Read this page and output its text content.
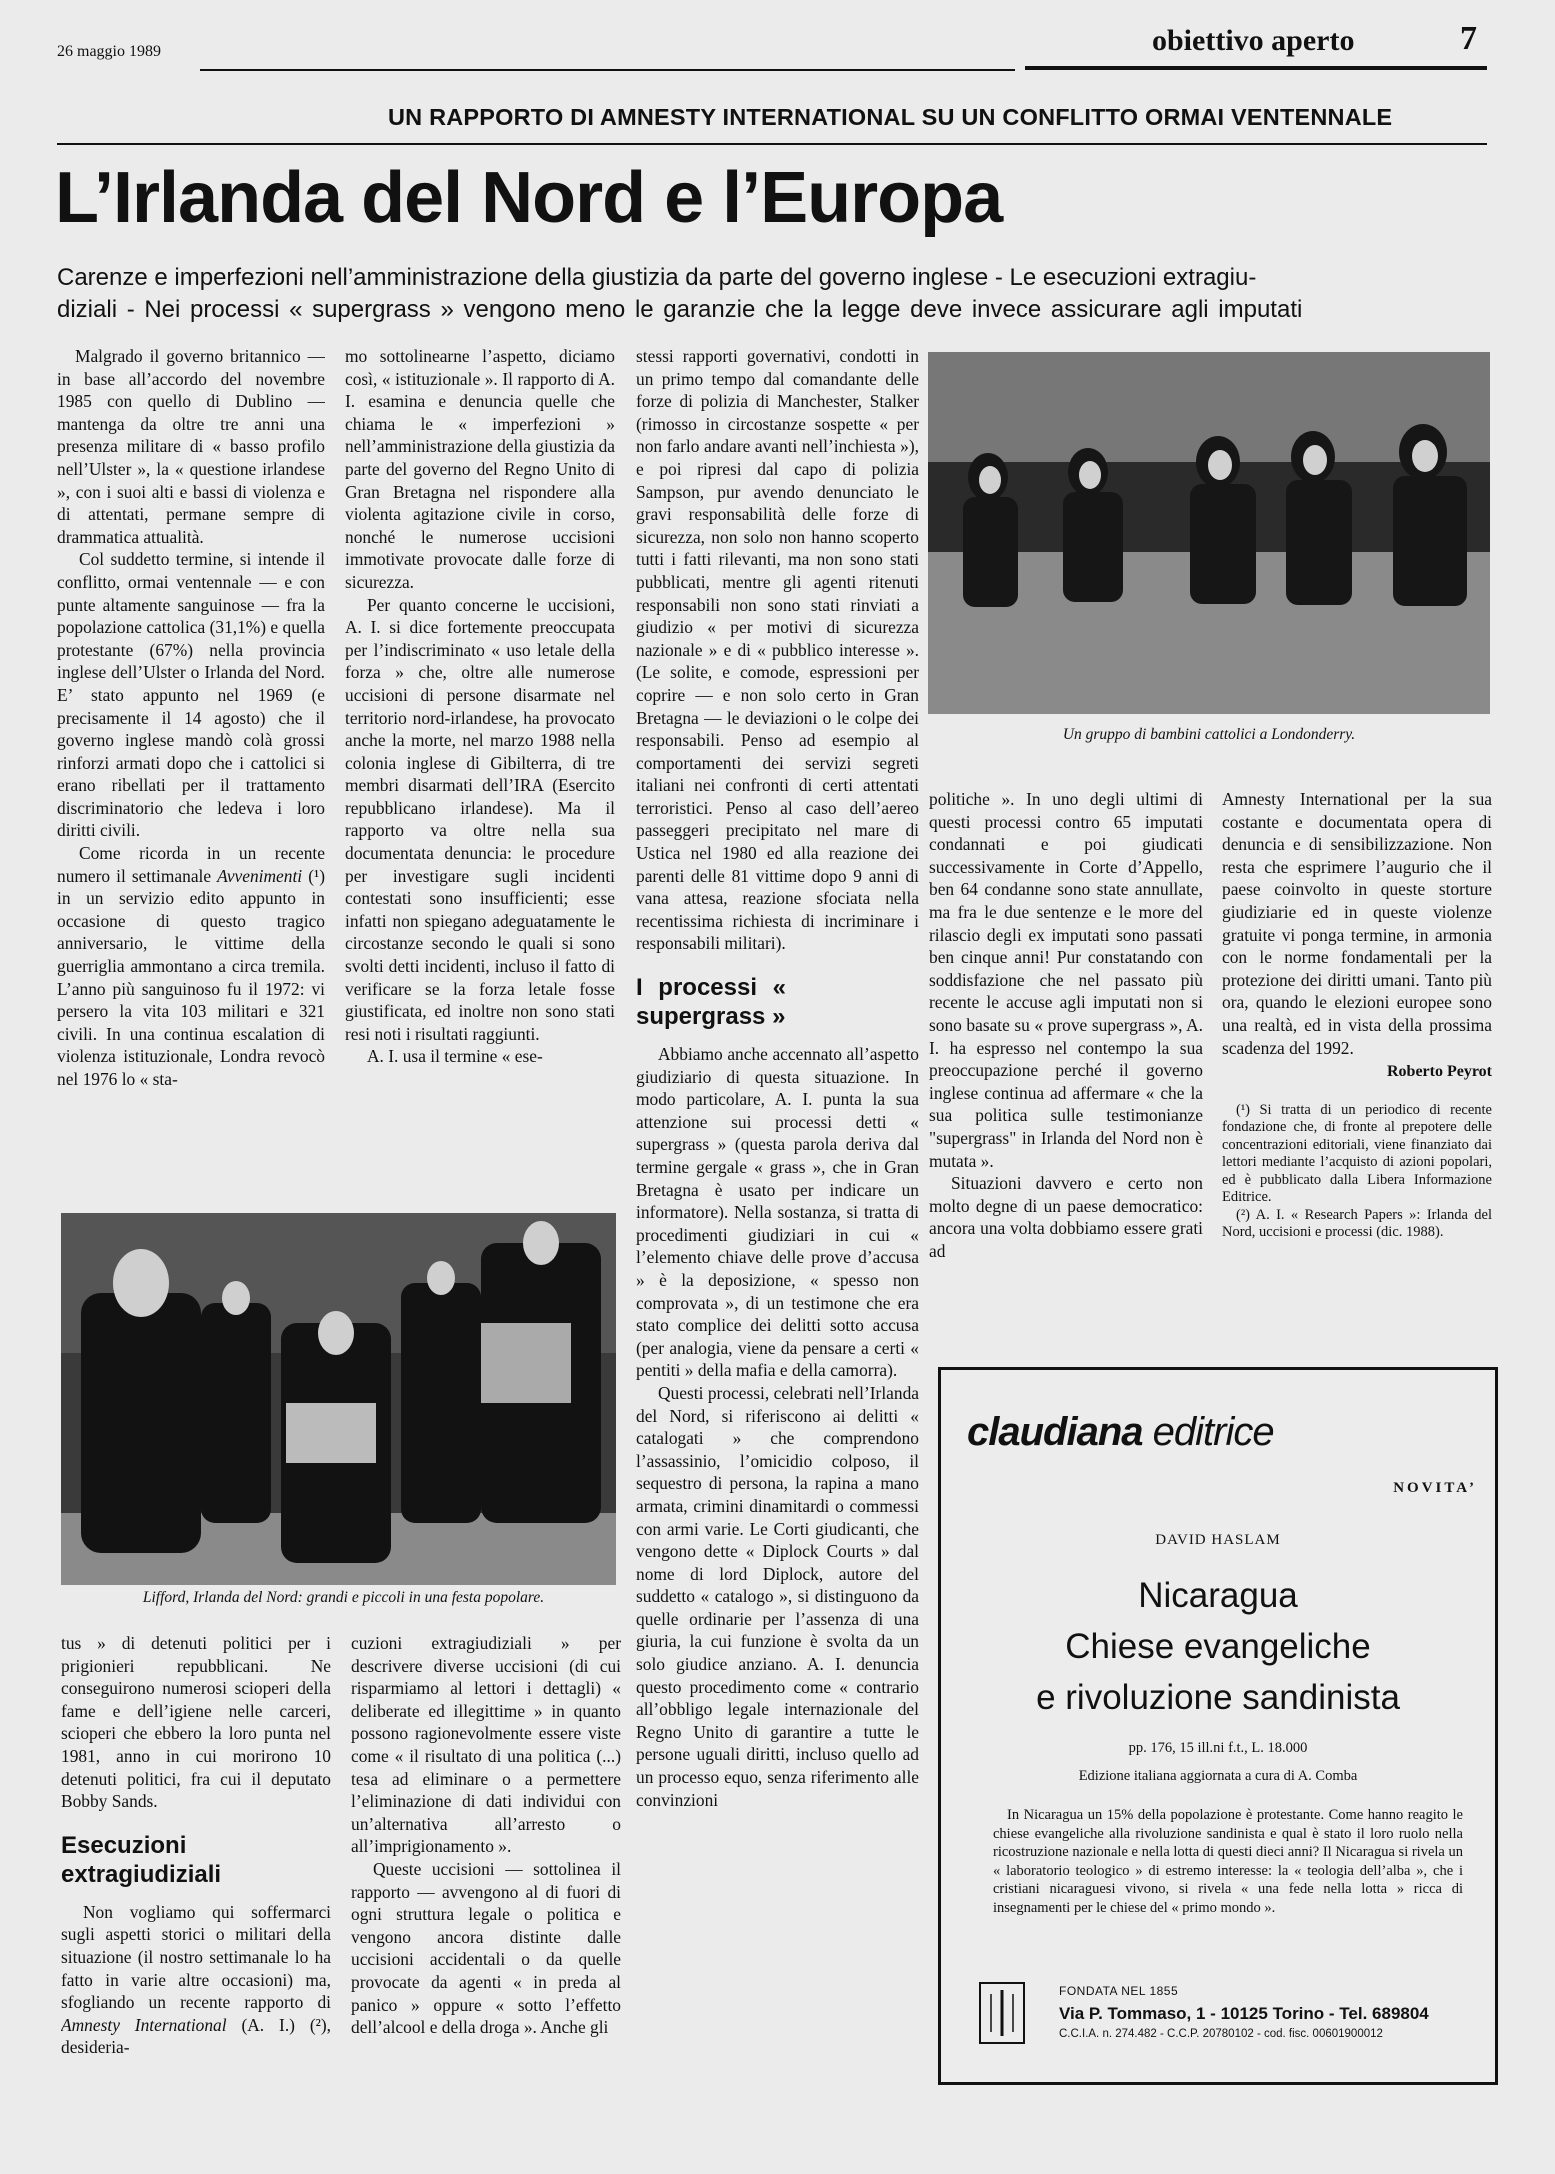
26 maggio 1989	obiettivo aperto	7
UN RAPPORTO DI AMNESTY INTERNATIONAL SU UN CONFLITTO ORMAI VENTENNALE
L’Irlanda del Nord e l’Europa
Carenze e imperfezioni nell’amministrazione della giustizia da parte del governo inglese - Le esecuzioni extragiu-
diziali - Nei processi « supergrass » vengono meno le garanzie che la legge deve invece assicurare agli imputati

Malgrado il governo britannico — in base all’accordo del novembre 1985 con quello di Dublino — mantenga da oltre tre anni una presenza militare di « basso profilo nell’Ulster », la « questione irlandese », con i suoi alti e bassi di violenza e di attentati, permane sempre di drammatica attualità.

Col suddetto termine, si intende il conflitto, ormai ventennale — e con punte altamente sanguinose — fra la popolazione cattolica (31,1%) e quella protestante (67%) nella provincia inglese dell’Ulster o Irlanda del Nord. E’ stato appunto nel 1969 (e precisamente il 14 agosto) che il governo inglese mandò colà grossi rinforzi armati dopo che i cattolici si erano ribellati per il trattamento discriminatorio che ledeva i loro diritti civili.

Come ricorda in un recente numero il settimanale Avvenimenti (¹) in un servizio edito appunto in occasione di questo tragico anniversario, le vittime della guerriglia ammontano a circa tremila. L’anno più sanguinoso fu il 1972: vi persero la vita 103 militari e 321 civili. In una continua escalation di violenza istituzionale, Londra revocò nel 1976 lo « sta-

mo sottolinearne l’aspetto, diciamo così, « istituzionale ». Il rapporto di A. I. esamina e denuncia quelle che chiama le « imperfezioni » nell’amministrazione della giustizia da parte del governo del Regno Unito di Gran Bretagna nel rispondere alla violenta agitazione civile in corso, nonché le numerose uccisioni immotivate provocate dalle forze di sicurezza.

Per quanto concerne le uccisioni, A. I. si dice fortemente preoccupata per l’indiscriminato « uso letale della forza » che, oltre alle numerose uccisioni di persone disarmate nel territorio nord-irlandese, ha provocato anche la morte, nel marzo 1988 nella colonia inglese di Gibilterra, di tre membri disarmati dell’IRA (Esercito repubblicano irlandese). Ma il rapporto va oltre nella sua documentata denuncia: le procedure per investigare sugli incidenti contestati sono insufficienti; esse infatti non spiegano adeguatamente le circostanze secondo le quali si sono svolti detti incidenti, incluso il fatto di verificare se la forza letale fosse giustificata, ed inoltre non sono stati resi noti i risultati raggiunti.

A. I. usa il termine « ese-

stessi rapporti governativi, condotti in un primo tempo dal comandante delle forze di polizia di Manchester, Stalker (rimosso in circostanze sospette « per non farlo andare avanti nell’inchiesta »), e poi ripresi dal capo di polizia Sampson, pur avendo denunciato le gravi responsabilità delle forze di sicurezza, non solo non hanno scoperto tutti i fatti rilevanti, ma non sono stati pubblicati, mentre gli agenti ritenuti responsabili non sono stati rinviati a giudizio « per motivi di sicurezza nazionale » e di « pubblico interesse ». (Le solite, e comode, espressioni per coprire — e non solo certo in Gran Bretagna — le deviazioni o le colpe dei responsabili. Penso ad esempio al comportamenti dei servizi segreti italiani nei confronti di certi attentati terroristici. Penso al caso dell’aereo passeggeri precipitato nel mare di Ustica nel 1980 ed alla reazione dei parenti delle 81 vittime dopo 9 anni di vana attesa, reazione sfociata nella recentissima richiesta di incriminare i responsabili militari).

I processi « supergrass »

Abbiamo anche accennato all’aspetto giudiziario di questa situazione. In modo particolare, A. I. punta la sua attenzione sui processi detti « supergrass » (questa parola deriva dal termine gergale « grass », che in Gran Bretagna è usato per indicare un informatore). Nella sostanza, si tratta di procedimenti giudiziari in cui « l’elemento chiave delle prove d’accusa » è la deposizione, « spesso non comprovata », di un testimone che era stato complice dei delitti sotto accusa (per analogia, viene da pensare a certi « pentiti » della mafia e della camorra).

Questi processi, celebrati nell’Irlanda del Nord, si riferiscono ai delitti « catalogati » che comprendono l’assassinio, l’omicidio colposo, il sequestro di persona, la rapina a mano armata, crimini dinamitardi o commessi con armi varie. Le Corti giudicanti, che vengono dette « Diplock Courts » dal nome di lord Diplock, autore del suddetto « catalogo », si distinguono da quelle ordinarie per l’assenza di una giuria, la cui funzione è svolta da un solo giudice anziano. A. I. denuncia questo procedimento come « contrario all’obbligo legale internazionale del Regno Unito di garantire a tutte le persone uguali diritti, incluso quello ad un processo equo, senza riferimento alle convinzioni

Un gruppo di bambini cattolici a Londonderry.

politiche ». In uno degli ultimi di questi processi contro 65 imputati condannati e poi giudicati successivamente in Corte d’Appello, ben 64 condanne sono state annullate, ma fra le due sentenze e le more del rilascio degli ex imputati sono passati ben cinque anni! Pur constatando con soddisfazione che nel passato più recente le accuse agli imputati non si sono basate su « prove supergrass », A. I. ha espresso nel contempo la sua preoccupazione perché il governo inglese continua ad affermare « che la sua politica sulle testimonianze "supergrass" in Irlanda del Nord non è mutata ».

Situazioni davvero e certo non molto degne di un paese democratico: ancora una volta dobbiamo essere grati ad

Amnesty International per la sua costante e documentata opera di denuncia e di sensibilizzazione. Non resta che esprimere l’augurio che il paese coinvolto in queste storture giudiziarie ed in queste violenze gratuite vi ponga termine, in armonia con le norme fondamentali per la protezione dei diritti umani. Tanto più ora, quando le elezioni europee sono una realtà, ed in vista della prossima scadenza del 1992.

Roberto Peyrot

(¹) Si tratta di un periodico di recente fondazione che, di fronte al prepotere delle concentrazioni editoriali, viene finanziato dai lettori mediante l’acquisto di azioni popolari, ed è pubblicato dalla Libera Informazione Editrice.

(²) A. I. « Research Papers »: Irlanda del Nord, uccisioni e processi (dic. 1988).

Lifford, Irlanda del Nord: grandi e piccoli in una festa popolare.

tus » di detenuti politici per i prigionieri repubblicani. Ne conseguirono numerosi scioperi della fame e dell’igiene nelle carceri, scioperi che ebbero la loro punta nel 1981, anno in cui morirono 10 detenuti politici, fra cui il deputato Bobby Sands.

Esecuzioni extragiudiziali

Non vogliamo qui soffermarci sugli aspetti storici o militari della situazione (il nostro settimanale lo ha fatto in varie altre occasioni) ma, sfogliando un recente rapporto di Amnesty International (A. I.) (²), desideria-

cuzioni extragiudiziali » per descrivere diverse uccisioni (di cui risparmiamo al lettori i dettagli) « deliberate ed illegittime » in quanto possono ragionevolmente essere viste come « il risultato di una politica (...) tesa ad eliminare o a permettere l’eliminazione di dati individui con un’alternativa all’arresto o all’imprigionamento ».

Queste uccisioni — sottolinea il rapporto — avvengono al di fuori di ogni struttura legale o politica e vengono ancora distinte dalle uccisioni accidentali o da quelle provocate da agenti « in preda al panico » oppure « sotto l’effetto dell’alcool e della droga ». Anche gli

claudiana editrice
NOVITA’
DAVID HASLAM
Nicaragua
Chiese evangeliche
e rivoluzione sandinista
pp. 176, 15 ill.ni f.t., L. 18.000
Edizione italiana aggiornata a cura di A. Comba
In Nicaragua un 15% della popolazione è protestante. Come hanno reagito le chiese evangeliche alla rivoluzione sandinista e qual è stato il loro ruolo nella ricostruzione nazionale e nella lotta di questi dieci anni? Il Nicaragua si rivela un « laboratorio teologico » di estremo interesse: la « teologia dell’alba », che i cristiani nicaraguesi vivono, si rivela « una fede nella lotta » ricca di insegnamenti per le chiese del « primo mondo ».
FONDATA NEL 1855
Via P. Tommaso, 1 - 10125 Torino - Tel. 689804
C.C.I.A. n. 274.482 - C.C.P. 20780102 - cod. fisc. 00601900012
